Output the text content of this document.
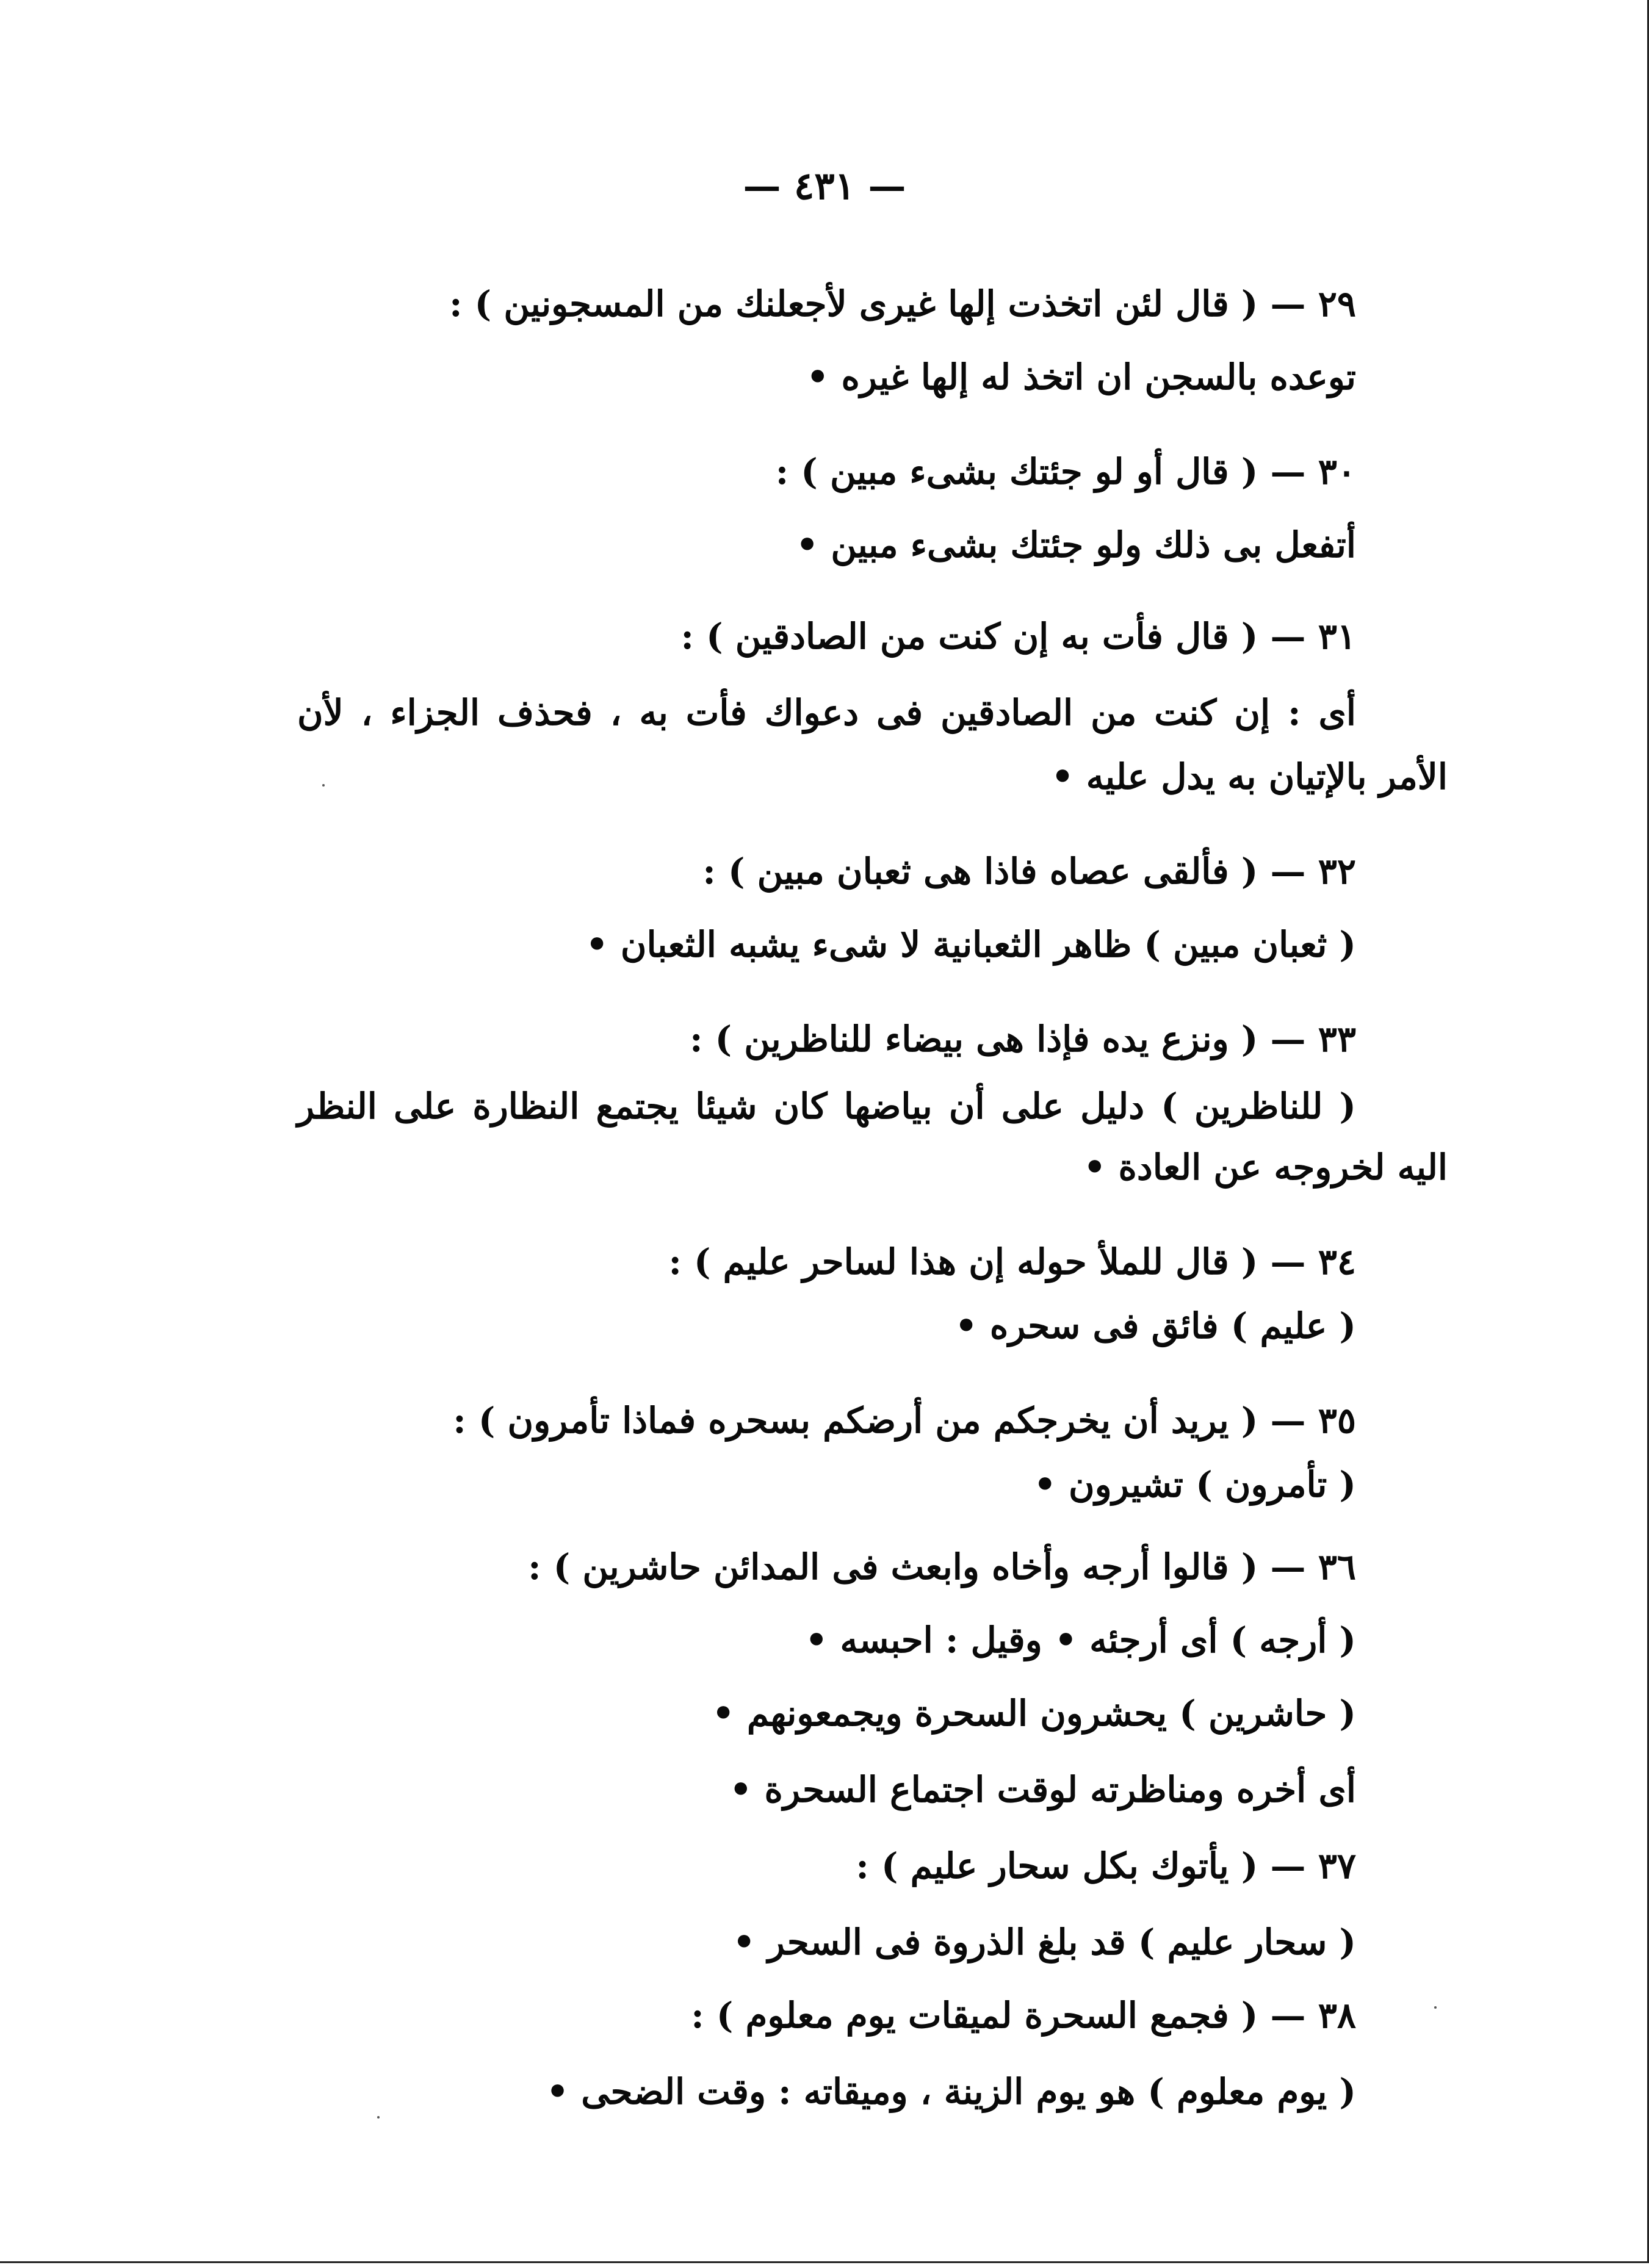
— ٤٣١ —
٢٩ — ( قال لئن اتخذت إلها غيرى لأجعلنك من المسجونين ) :
توعده بالسجن ان اتخذ له إلها غيره •
٣٠ — ( قال أو لو جئتك بشىء مبين ) :
أتفعل بى ذلك ولو جئتك بشىء مبين •
٣١ — ( قال فأت به إن كنت من الصادقين ) :
أى : إن كنت من الصادقين فى دعواك فأت به ، فحذف الجزاء ، لأن
الأمر بالإتيان به يدل عليه •
٣٢ — ( فألقى عصاه فاذا هى ثعبان مبين ) :
( ثعبان مبين ) ظاهر الثعبانية لا شىء يشبه الثعبان •
٣٣ — ( ونزع يده فإذا هى بيضاء للناظرين ) :
( للناظرين ) دليل على أن بياضها كان شيئا يجتمع النظارة على النظر
اليه لخروجه عن العادة •
٣٤ — ( قال للملأ حوله إن هذا لساحر عليم ) :
( عليم ) فائق فى سحره •
٣٥ — ( يريد أن يخرجكم من أرضكم بسحره فماذا تأمرون ) :
( تأمرون ) تشيرون •
٣٦ — ( قالوا أرجه وأخاه وابعث فى المدائن حاشرين ) :
( أرجه ) أى أرجئه • وقيل : احبسه •
( حاشرين ) يحشرون السحرة ويجمعونهم •
أى أخره ومناظرته لوقت اجتماع السحرة •
٣٧ — ( يأتوك بكل سحار عليم ) :
( سحار عليم ) قد بلغ الذروة فى السحر •
٣٨ — ( فجمع السحرة لميقات يوم معلوم ) :
( يوم معلوم ) هو يوم الزينة ، وميقاته : وقت الضحى •
